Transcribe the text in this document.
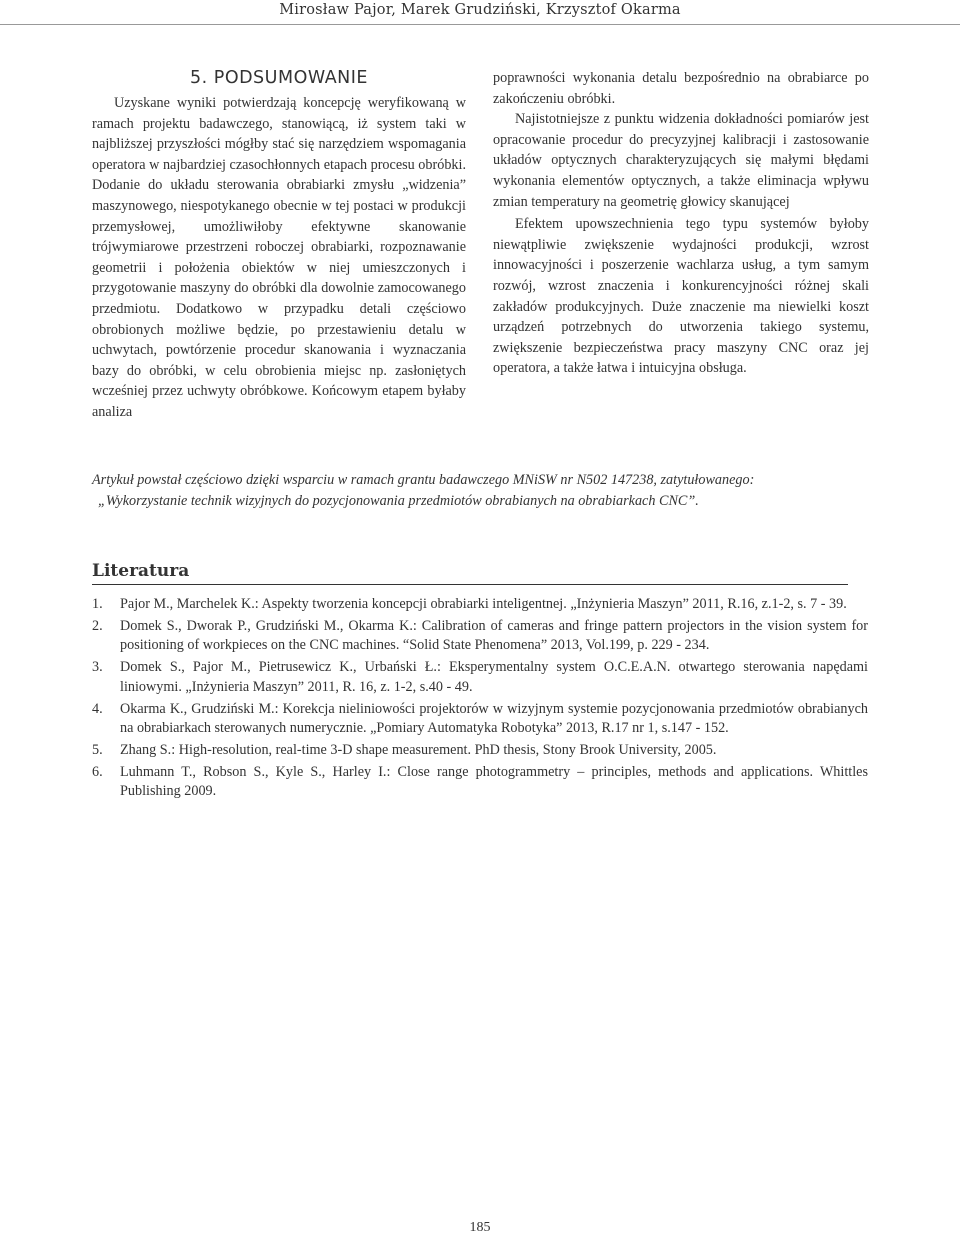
Mirosław Pajor, Marek Grudziński, Krzysztof Okarma
5. PODSUMOWANIE

Uzyskane wyniki potwierdzają koncepcję weryfikowaną w ramach projektu badawczego, stanowiącą, iż system taki w najbliższej przyszłości mógłby stać się narzędziem wspomagania operatora w najbardziej czasochłonnych etapach procesu obróbki. Dodanie do układu sterowania obrabiarki zmysłu „widzenia” maszynowego, niespotykanego obecnie w tej postaci w produkcji przemysłowej, umożliwiłoby efektywne skanowanie trójwymiarowe przestrzeni roboczej obrabiarki, rozpoznawanie geometrii i położenia obiektów w niej umieszczonych i przygotowanie maszyny do obróbki dla dowolnie zamocowanego przedmiotu. Dodatkowo w przypadku detali częściowo obrobionych możliwe będzie, po przestawieniu detalu w uchwytach, powtórzenie procedur skanowania i wyznaczania bazy do obróbki, w celu obrobienia miejsc np. zasłoniętych wcześniej przez uchwyty obróbkowe. Końcowym etapem byłaby analiza

poprawności wykonania detalu bezpośrednio na obrabiarce po zakończeniu obróbki.

Najistotniejsze z punktu widzenia dokładności pomiarów jest opracowanie procedur do precyzyjnej kalibracji i zastosowanie układów optycznych charakteryzujących się małymi błędami wykonania elementów optycznych, a także eliminacja wpływu zmian temperatury na geometrię głowicy skanującej

Efektem upowszechnienia tego typu systemów byłoby niewątpliwie zwiększenie wydajności produkcji, wzrost innowacyjności i poszerzenie wachlarza usług, a tym samym rozwój, wzrost znaczenia i konkurencyjności różnej skali zakładów produkcyjnych. Duże znaczenie ma niewielki koszt urządzeń potrzebnych do utworzenia takiego systemu, zwiększenie bezpieczeństwa pracy maszyny CNC oraz jej operatora, a także łatwa i intuicyjna obsługa.

Artykuł powstał częściowo dzięki wsparciu w ramach grantu badawczego MNiSW nr N502 147238, zatytułowanego:

„Wykorzystanie technik wizyjnych do pozycjonowania przedmiotów obrabianych na obrabiarkach CNC”.

Literatura
1. Pajor M., Marchelek K.: Aspekty tworzenia koncepcji obrabiarki inteligentnej. „Inżynieria Maszyn” 2011, R.16, z.1-2, s. 7 - 39.
2. Domek S., Dworak P., Grudziński M., Okarma K.: Calibration of cameras and fringe pattern projectors in the vision system for positioning of workpieces on the CNC machines. “Solid State Phenomena” 2013, Vol.199, p. 229 - 234.
3. Domek S., Pajor M., Pietrusewicz K., Urbański Ł.: Eksperymentalny system O.C.E.A.N. otwartego sterowania napędami liniowymi. „Inżynieria Maszyn” 2011, R. 16, z. 1-2, s.40 - 49.
4. Okarma K., Grudziński M.: Korekcja nieliniowości projektorów w wizyjnym systemie pozycjonowania przedmiotów obrabianych na obrabiarkach sterowanych numerycznie. „Pomiary Automatyka Robotyka” 2013, R.17 nr 1, s.147 - 152.
5. Zhang S.: High-resolution, real-time 3-D shape measurement. PhD thesis, Stony Brook University, 2005.
6. Luhmann T., Robson S., Kyle S., Harley I.: Close range photogrammetry – principles, methods and applications. Whittles Publishing 2009.
185
